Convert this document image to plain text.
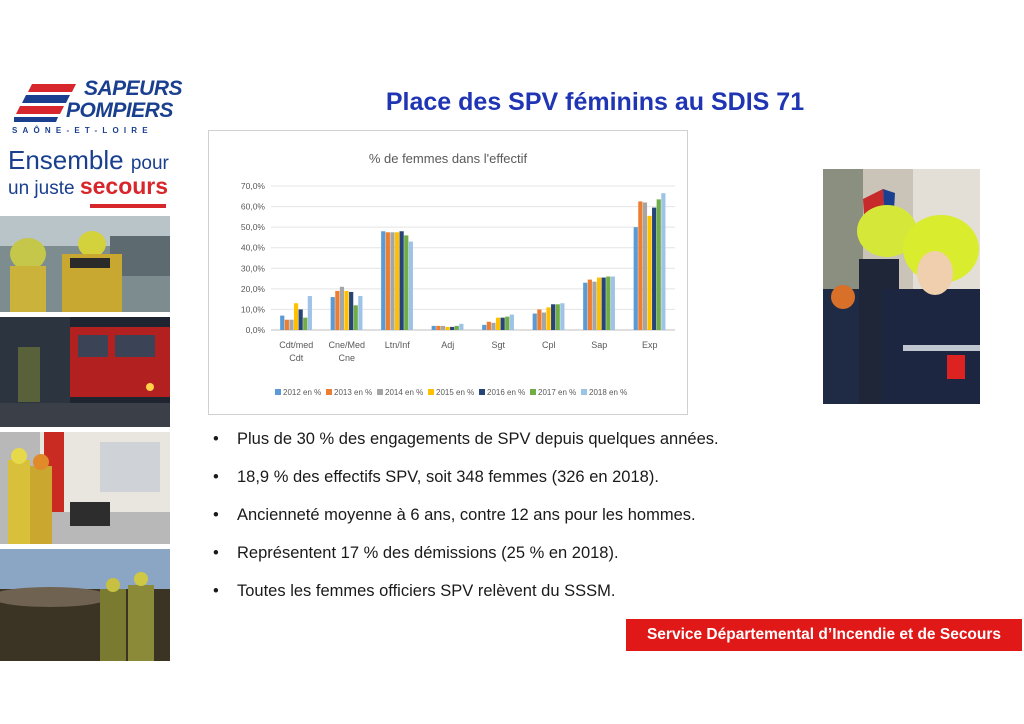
SAPEURS
POMPIERS
SAÔNE-ET-LOIRE
Ensemble pour
un juste secours

Place des SPV féminins au SDIS 71
% de femmes dans l'effectif
0,0%
10,0%
20,0%
30,0%
40,0%
50,0%
60,0%
70,0%
Cdt/med
Cdt
Cne/Med
Cne
Ltn/Inf	Adj	Sgt	Cpl	Sap	Exp
2012 en % 2013 en % 2014 en % 2015 en % 2016 en % 2017 en % 2018 en %
• Plus de 30 % des engagements de SPV depuis quelques années.
• 18,9 % des effectifs SPV, soit 348 femmes (326 en 2018).
• Ancienneté moyenne à 6 ans, contre 12 ans pour les hommes.
• Représentent 17 % des démissions (25 % en 2018).
• Toutes les femmes officiers SPV relèvent du SSSM.
Service Départemental d’Incendie et de Secours
